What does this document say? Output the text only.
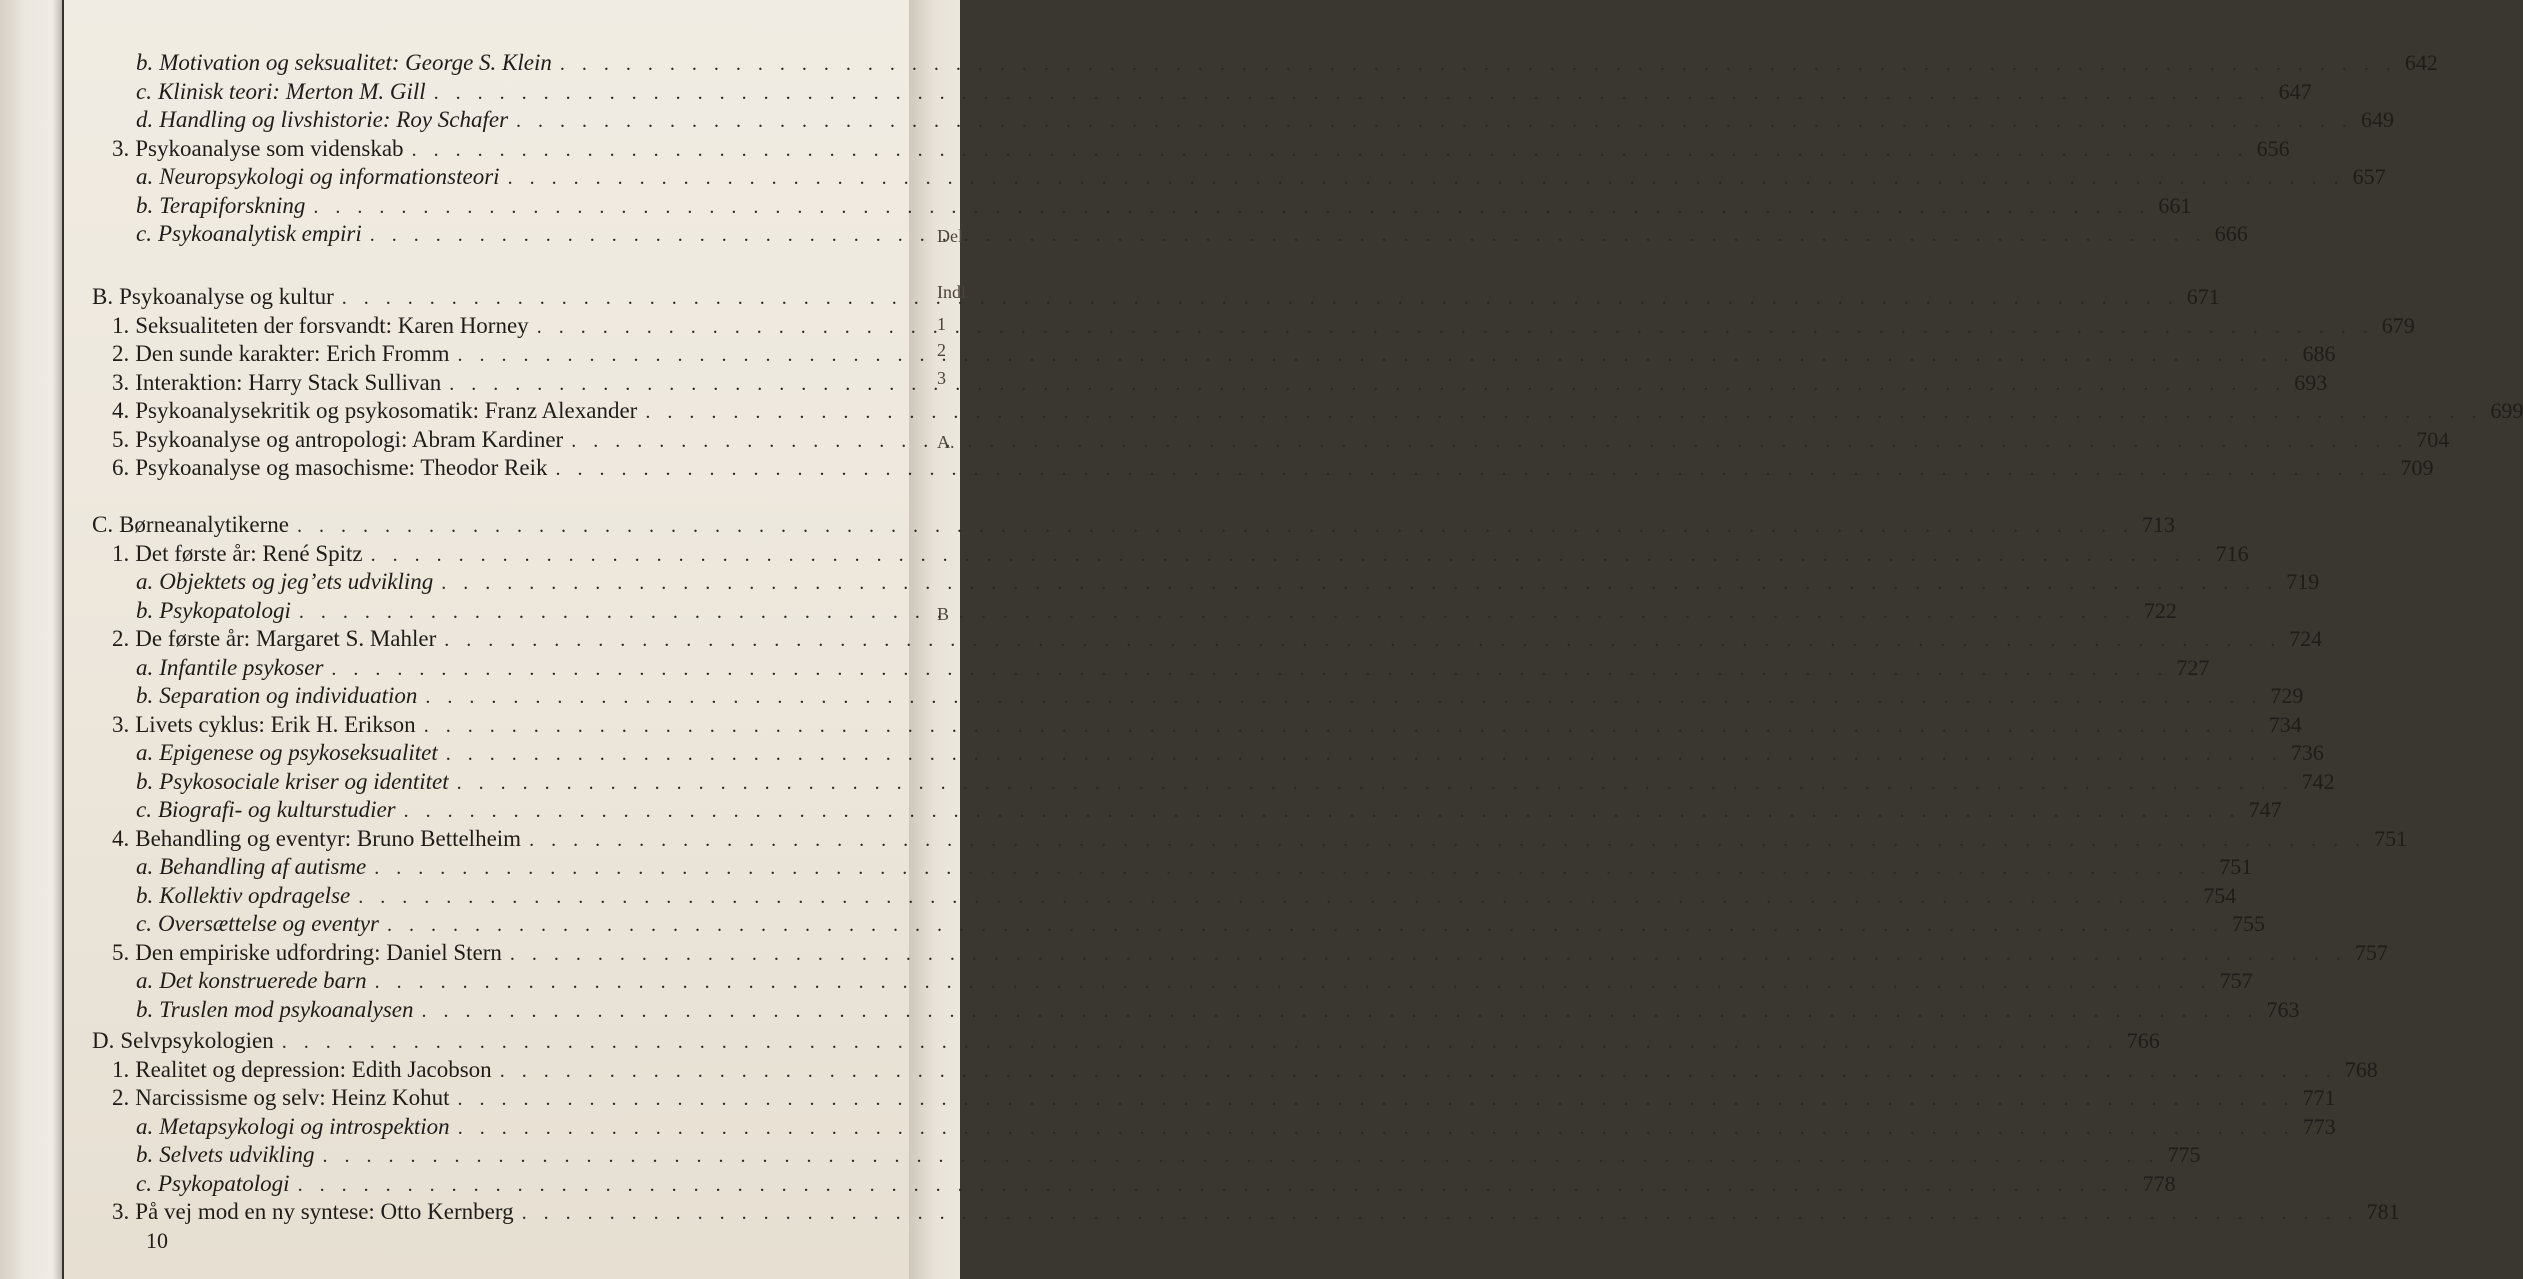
Del
Indl
1
2
3
A.
B
b. Motivation og seksualitet: George S. Klein . . .	642
c. Klinisk teori: Merton M. Gill . . .	647
d. Handling og livshistorie: Roy Schafer . . .	649
3. Psykoanalyse som videnskab . . .	656
a. Neuropsykologi og informationsteori . . .	657
b. Terapiforskning . . .	661
c. Psykoanalytisk empiri . . .	666
B. Psykoanalyse og kultur . . .	671
1. Seksualiteten der forsvandt: Karen Horney . . .	679
2. Den sunde karakter: Erich Fromm . . .	686
3. Interaktion: Harry Stack Sullivan . . .	693
4. Psykoanalysekritik og psykosomatik: Franz Alexander . . .	699
5. Psykoanalyse og antropologi: Abram Kardiner . . .	704
6. Psykoanalyse og masochisme: Theodor Reik . . .	709
C. Børneanalytikerne . . .	713
1. Det første år: René Spitz . . .	716
a. Objektets og jeg’ets udvikling . . .	719
b. Psykopatologi . . .	722
2. De første år: Margaret S. Mahler . . .	724
a. Infantile psykoser . . .	727
b. Separation og individuation . . .	729
3. Livets cyklus: Erik H. Erikson . . .	734
a. Epigenese og psykoseksualitet . . .	736
b. Psykosociale kriser og identitet . . .	742
c. Biografi- og kulturstudier . . .	747
4. Behandling og eventyr: Bruno Bettelheim . . .	751
a. Behandling af autisme . . .	751
b. Kollektiv opdragelse . . .	754
c. Oversættelse og eventyr . . .	755
5. Den empiriske udfordring: Daniel Stern . . .	757
a. Det konstruerede barn . . .	757
b. Truslen mod psykoanalysen . . .	763
D. Selvpsykologien . . .	766
1. Realitet og depression: Edith Jacobson . . .	768
2. Narcissisme og selv: Heinz Kohut . . .	771
a. Metapsykologi og introspektion . . .	773
b. Selvets udvikling . . .	775
c. Psykopatologi . . .	778
3. På vej mod en ny syntese: Otto Kernberg . . .	781
10
